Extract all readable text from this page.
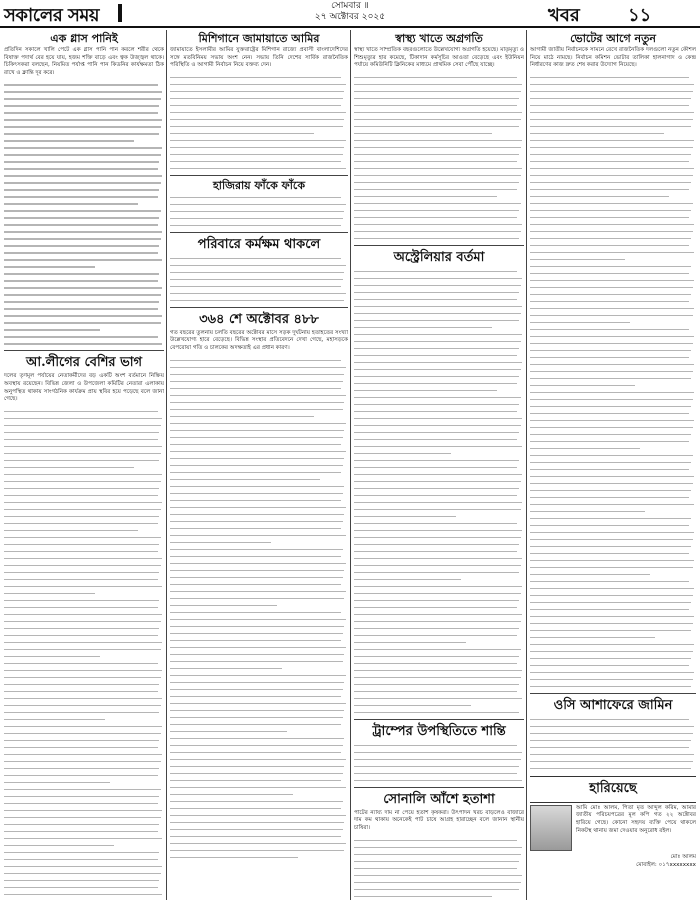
সকালের সময়	সোমবার ॥
২৭ অক্টোবর ২০২৫	খবর	১১
এক গ্লাস পানিই

প্রতিদিন সকালে খালি পেটে এক গ্লাস পানি পান করলে শরীর থেকে বিষাক্ত পদার্থ বের হয়ে যায়, হজম শক্তি বাড়ে এবং ত্বক উজ্জ্বল থাকে। চিকিৎসকরা বলছেন, নিয়মিত পর্যাপ্ত পানি পান কিডনির কার্যক্ষমতা ঠিক রাখে ও ক্লান্তি দূর করে।

আ.লীগের বেশির ভাগ

দলের তৃণমূল পর্যায়ের নেতাকর্মীদের বড় একটি অংশ বর্তমানে নিষ্ক্রিয় অবস্থায় রয়েছেন। বিভিন্ন জেলা ও উপজেলা কমিটির নেতারা এলাকায় অনুপস্থিত থাকায় সাংগঠনিক কার্যক্রম প্রায় স্থবির হয়ে পড়েছে বলে জানা গেছে।

মিশিগানে জামায়াতে আমির

জামায়াতে ইসলামীর আমির যুক্তরাষ্ট্রের মিশিগান রাজ্যে প্রবাসী বাংলাদেশিদের সঙ্গে মতবিনিময় সভায় অংশ নেন। সভায় তিনি দেশের সার্বিক রাজনৈতিক পরিস্থিতি ও আগামী নির্বাচন নিয়ে বক্তব্য দেন।

হাজিরায় ফাঁকে ফাঁকে
পরিবারে কর্মক্ষম থাকলে
৩৬৪ শে অক্টোবর ৪৮৮

গত বছরের তুলনায় চলতি বছরের অক্টোবর মাসে সড়ক দুর্ঘটনায় হতাহতের সংখ্যা উল্লেখযোগ্য হারে বেড়েছে। বিভিন্ন সংস্থার প্রতিবেদনে দেখা গেছে, মহাসড়কে বেপরোয়া গতি ও চালকের অদক্ষতাই এর প্রধান কারণ।

স্বাস্থ্য খাতে অগ্রগতি

স্বাস্থ্য খাতে সাম্প্রতিক বছরগুলোতে উল্লেখযোগ্য অগ্রগতি হয়েছে। মাতৃমৃত্যু ও শিশুমৃত্যুর হার কমেছে, টিকাদান কর্মসূচির আওতা বেড়েছে এবং ইউনিয়ন পর্যায়ে কমিউনিটি ক্লিনিকের মাধ্যমে প্রাথমিক সেবা পৌঁছে যাচ্ছে।

অস্ট্রেলিয়ার বর্তমা
ট্রাম্পের উপস্থিতিতে শান্তি
সোনালি আঁশে হতাশা

পাটের ন্যায্য দাম না পেয়ে হতাশ কৃষকরা। উৎপাদন খরচ বাড়লেও বাজারে দাম কম থাকায় অনেকেই পাট চাষে আগ্রহ হারাচ্ছেন বলে জানান স্থানীয় চাষিরা।

ভোটের আগে নতুন

আগামী জাতীয় নির্বাচনকে সামনে রেখে রাজনৈতিক দলগুলো নতুন কৌশল নিয়ে মাঠে নামছে। নির্বাচন কমিশন ভোটার তালিকা হালনাগাদ ও কেন্দ্র নির্ধারণের কাজ দ্রুত শেষ করার উদ্যোগ নিয়েছে।

ওসি আশাফেরে জামিন
হারিয়েছে

আমি মোঃ আলম, পিতা মৃত আব্দুল করিম, আমার জাতীয় পরিচয়পত্রের মূল কপি গত ২২ অক্টোবর হারিয়ে গেছে। কোনো সহৃদয় ব্যক্তি পেয়ে থাকলে নিকটস্থ থানায় জমা দেওয়ার অনুরোধ রইল।

মোঃ আলম
মোবাইল: ০১৭xxxxxxxx
